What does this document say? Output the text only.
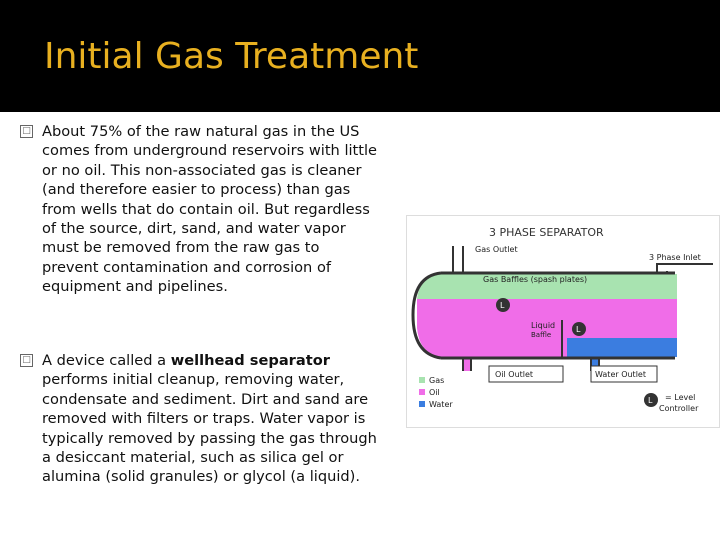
Initial Gas Treatment
□ About 75% of the raw natural gas in the US comes from underground reservoirs with little or no oil. This non-associated gas is cleaner (and therefore easier to process) than gas from wells that do contain oil. But regardless of the source, dirt, sand, and water vapor must be removed from the raw gas to prevent contamination and corrosion of equipment and pipelines.
□ A device called a wellhead separator performs initial cleanup, removing water, condensate and sediment. Dirt and sand are removed with filters or traps. Water vapor is typically removed by passing the gas through a desiccant material, such as silica gel or alumina (solid granules) or glycol (a liquid).
3 PHASE SEPARATOR
Gas Outlet
3 Phase Inlet
Gas Baffles (spash plates)
L
L
Liquid
Baffle
Oil Outlet	Water Outlet
Gas
Oil
Water	L = Level
Controller
